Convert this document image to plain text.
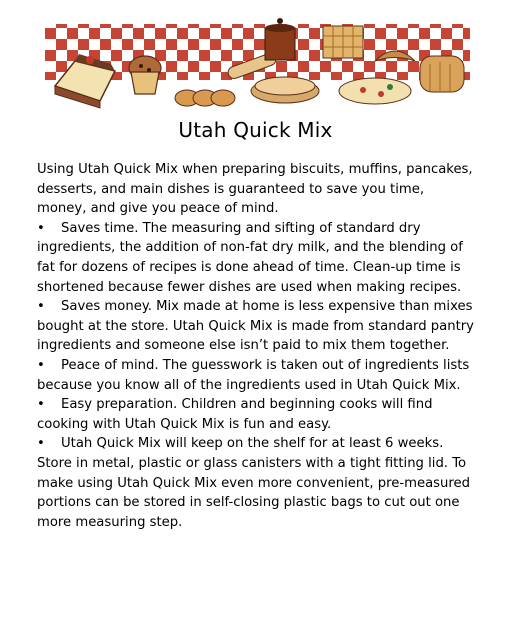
Utah Quick Mix

Using Utah Quick Mix when preparing biscuits, muffins, pancakes, desserts, and main dishes is guaranteed to save you time, money, and give you peace of mind.

• Saves time. The measuring and sifting of standard dry ingredients, the addition of non-fat dry milk, and the blending of fat for dozens of recipes is done ahead of time. Clean-up time is shortened because fewer dishes are used when making recipes.

• Saves money. Mix made at home is less expensive than mixes bought at the store. Utah Quick Mix is made from standard pantry ingredients and someone else isn’t paid to mix them together.

• Peace of mind. The guesswork is taken out of ingredients lists because you know all of the ingredients used in Utah Quick Mix.

• Easy preparation. Children and beginning cooks will find cooking with Utah Quick Mix is fun and easy.

• Utah Quick Mix will keep on the shelf for at least 6 weeks. Store in metal, plastic or glass canisters with a tight fitting lid. To make using Utah Quick Mix even more convenient, pre-measured portions can be stored in self-closing plastic bags to cut out one more measuring step.
